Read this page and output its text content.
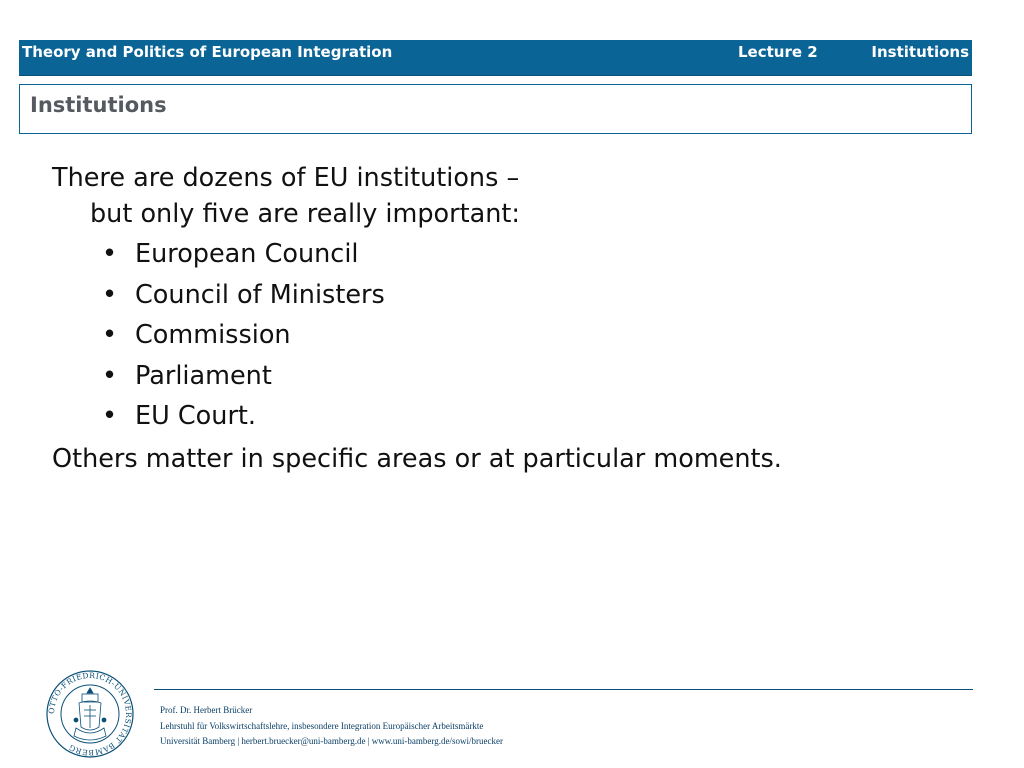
Theory and Politics of European Integration	Lecture 2	Institutions
Institutions
There are dozens of EU institutions –
but only five are really important:
• European Council
• Council of Ministers
• Commission
• Parliament
• EU Court.
Others matter in specific areas or at particular moments.
OTTO-FRIEDRICH-UNIVERSITÄT BAMBERG
Prof. Dr. Herbert Brücker
Lehrstuhl für Volkswirtschaftslehre, insbesondere Integration Europäischer Arbeitsmärkte
Universität Bamberg | herbert.bruecker@uni-bamberg.de | www.uni-bamberg.de/sowi/bruecker
